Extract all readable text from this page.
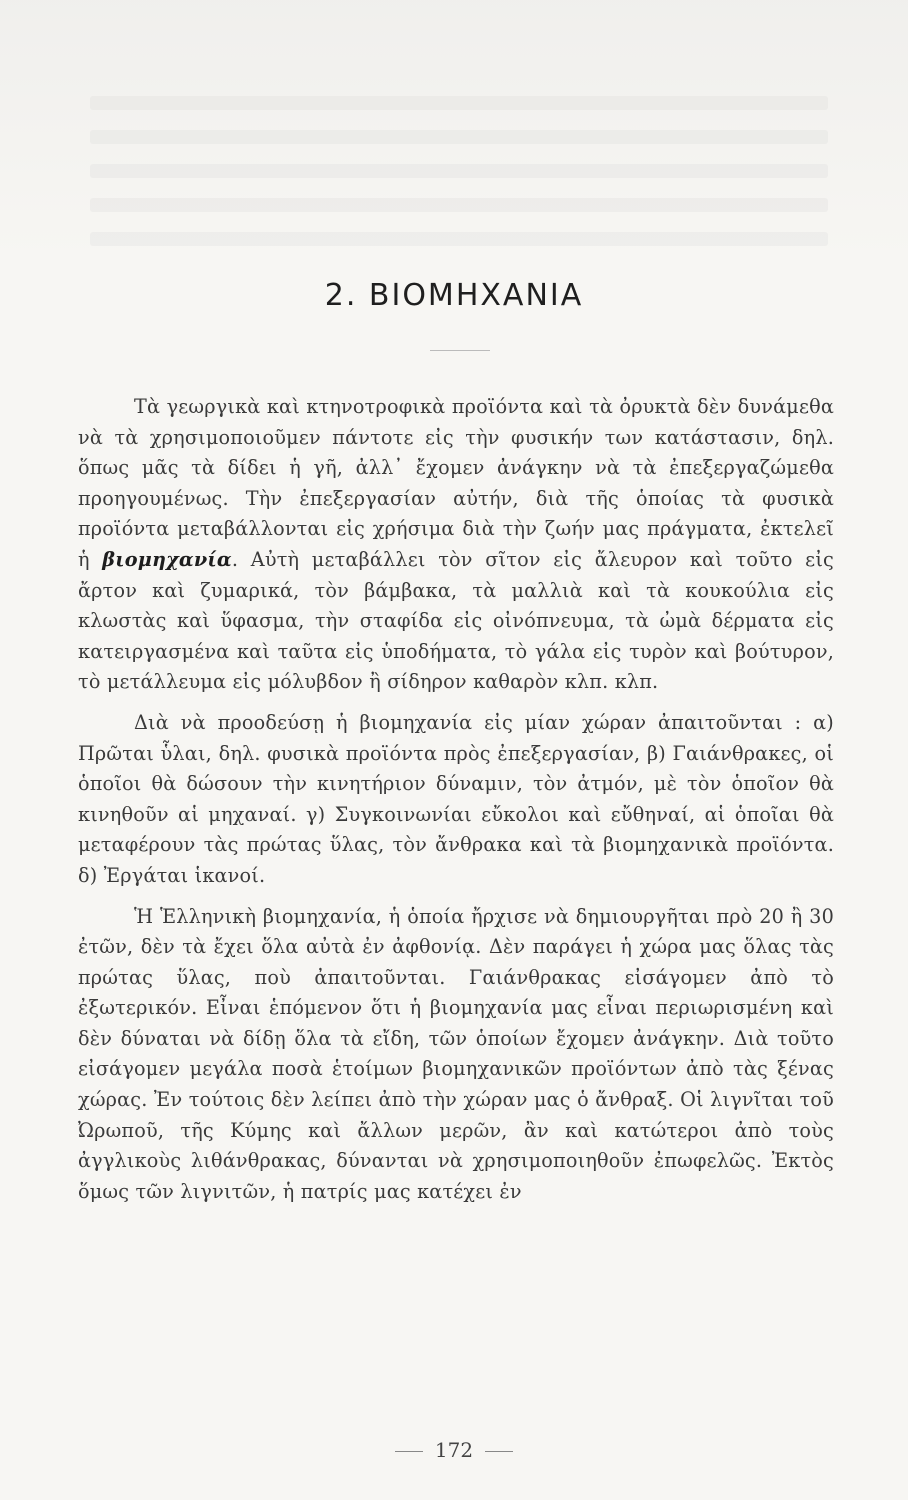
2. ΒΙΟΜΗΧΑΝΙΑ

Τὰ γεωργικὰ καὶ κτηνοτροφικὰ προϊόντα καὶ τὰ ὀρυκτὰ δὲν δυνάμεθα νὰ τὰ χρησιμοποιοῦμεν πάντοτε εἰς τὴν φυσικήν των κατάστασιν, δηλ. ὅπως μᾶς τὰ δίδει ἡ γῆ, ἀλλ᾽ ἔχομεν ἀνάγκην νὰ τὰ ἐπεξεργαζώμεθα προηγουμένως. Τὴν ἐπεξεργασίαν αὐτήν, διὰ τῆς ὁποίας τὰ φυσικὰ προϊόντα μεταβάλλονται εἰς χρήσιμα διὰ τὴν ζωήν μας πράγματα, ἐκτελεῖ ἡ βιομηχανία. Αὐτὴ μεταβάλλει τὸν σῖτον εἰς ἄλευρον καὶ τοῦτο εἰς ἄρτον καὶ ζυμαρικά, τὸν βάμβακα, τὰ μαλλιὰ καὶ τὰ κουκούλια εἰς κλωστὰς καὶ ὕφασμα, τὴν σταφίδα εἰς οἰνόπνευμα, τὰ ὠμὰ δέρματα εἰς κατειργασμένα καὶ ταῦτα εἰς ὑποδήματα, τὸ γάλα εἰς τυρὸν καὶ βούτυρον, τὸ μετάλλευμα εἰς μόλυβδον ἢ σίδηρον καθαρὸν κλπ. κλπ.

Διὰ νὰ προοδεύσῃ ἡ βιομηχανία εἰς μίαν χώραν ἀπαιτοῦνται : α) Πρῶται ὗλαι, δηλ. φυσικὰ προϊόντα πρὸς ἐπεξεργασίαν, β) Γαιάνθρακες, οἱ ὁποῖοι θὰ δώσουν τὴν κινητήριον δύναμιν, τὸν ἀτμόν, μὲ τὸν ὁποῖον θὰ κινηθοῦν αἱ μηχαναί. γ) Συγκοινωνίαι εὔκολοι καὶ εὔθηναί, αἱ ὁποῖαι θὰ μεταφέρουν τὰς πρώτας ὕλας, τὸν ἄνθρακα καὶ τὰ βιομηχανικὰ προϊόντα. δ) Ἐργάται ἱκανοί.

Ἡ Ἑλληνικὴ βιομηχανία, ἡ ὁποία ἤρχισε νὰ δημιουργῆται πρὸ 20 ἢ 30 ἐτῶν, δὲν τὰ ἔχει ὅλα αὐτὰ ἐν ἀφθονίᾳ. Δὲν παράγει ἡ χώρα μας ὅλας τὰς πρώτας ὕλας, ποὺ ἀπαιτοῦνται. Γαιάνθρακας εἰσάγομεν ἀπὸ τὸ ἐξωτερικόν. Εἶναι ἑπόμενον ὅτι ἡ βιομηχανία μας εἶναι περιωρισμένη καὶ δὲν δύναται νὰ δίδῃ ὅλα τὰ εἴδη, τῶν ὁποίων ἔχομεν ἀνάγκην. Διὰ τοῦτο εἰσάγομεν μεγάλα ποσὰ ἑτοίμων βιομηχανικῶν προϊόντων ἀπὸ τὰς ξένας χώρας. Ἐν τούτοις δὲν λείπει ἀπὸ τὴν χώραν μας ὁ ἄνθραξ. Οἱ λιγνῖται τοῦ Ὠρωποῦ, τῆς Κύμης καὶ ἄλλων μερῶν, ἂν καὶ κατώτεροι ἀπὸ τοὺς ἀγγλικοὺς λιθάνθρακας, δύνανται νὰ χρησιμοποιηθοῦν ἐπωφελῶς. Ἐκτὸς ὅμως τῶν λιγνιτῶν, ἡ πατρίς μας κατέχει ἐν

172
